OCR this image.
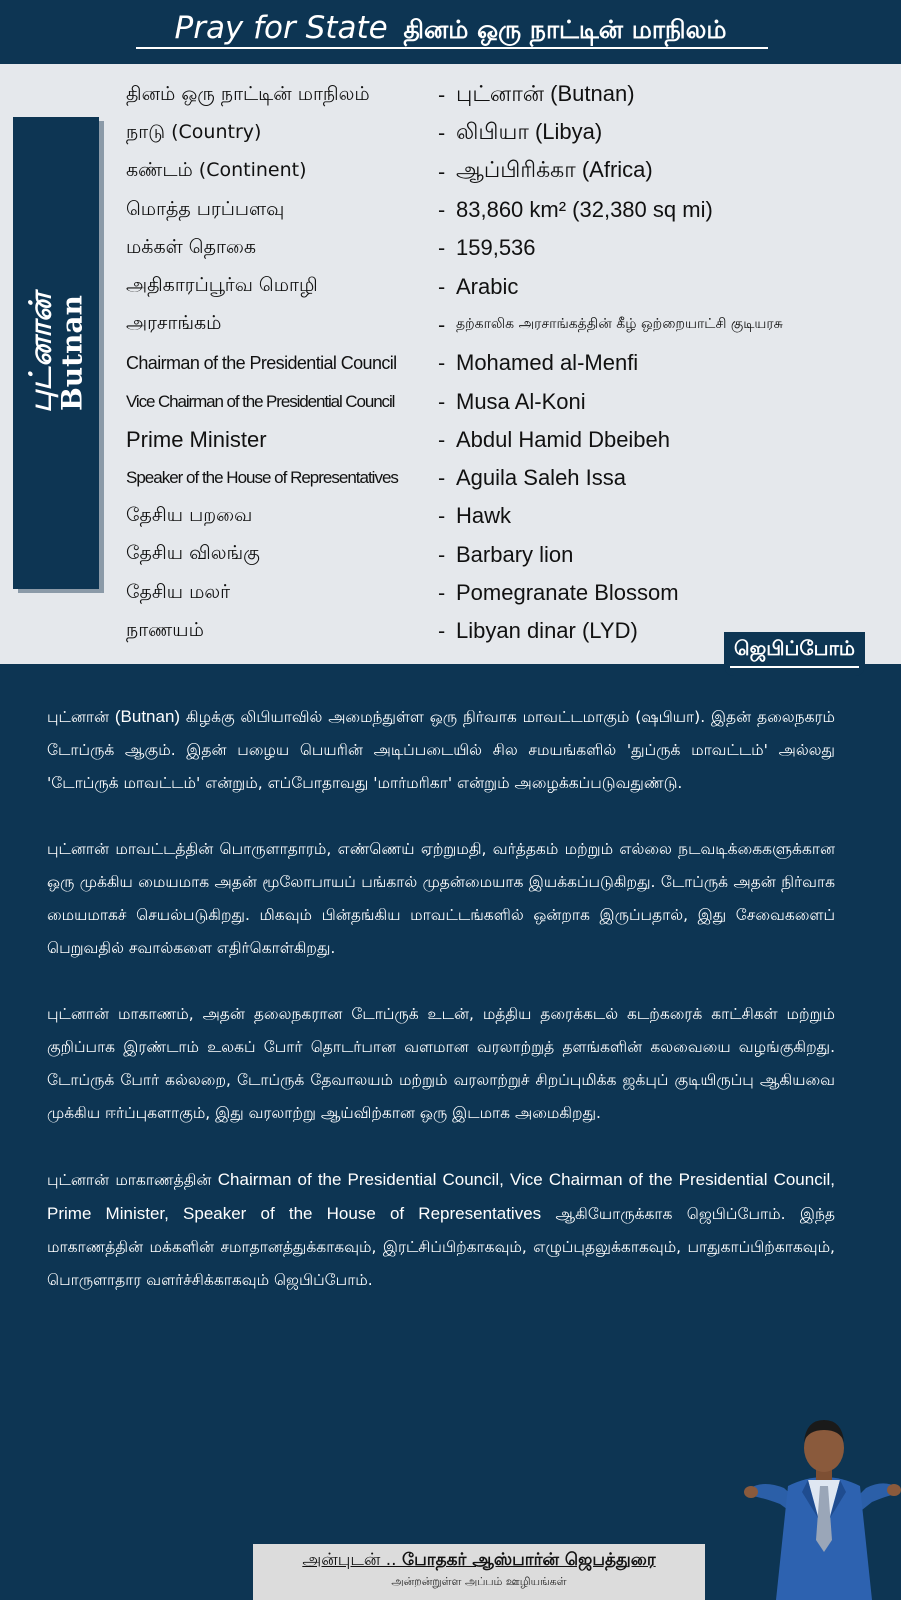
Pray for State தினம் ஒரு நாட்டின் மாநிலம்
புட்னான்
Butnan
தினம் ஒரு நாட்டின் மாநிலம்	- புட்னான் (Butnan)
நாடு (Country)	- லிபியா (Libya)
கண்டம் (Continent)	- ஆப்பிரிக்கா (Africa)
மொத்த பரப்பளவு	- 83,860 km² (32,380 sq mi)
மக்கள் தொகை	- 159,536
அதிகாரப்பூர்வ மொழி	- Arabic
அரசாங்கம்	- தற்காலிக அரசாங்கத்தின் கீழ் ஒற்றையாட்சி குடியரசு
Chairman of the Presidential Council	- Mohamed al-Menfi
Vice Chairman of the Presidential Council	- Musa Al-Koni
Prime Minister	- Abdul Hamid Dbeibeh
Speaker of the House of Representatives	- Aguila Saleh Issa
தேசிய பறவை	- Hawk
தேசிய விலங்கு	- Barbary lion
தேசிய மலர்	- Pomegranate Blossom
நாணயம்	- Libyan dinar (LYD)
ஜெபிப்போம்

புட்னான் (Butnan) கிழக்கு லிபியாவில் அமைந்துள்ள ஒரு நிர்வாக மாவட்டமாகும் (ஷபியா). இதன் தலைநகரம் டோப்ருக் ஆகும். இதன் பழைய பெயரின் அடிப்படையில் சில சமயங்களில் 'துப்ருக் மாவட்டம்' அல்லது 'டோப்ருக் மாவட்டம்' என்றும், எப்போதாவது 'மார்மரிகா' என்றும் அழைக்கப்படுவதுண்டு.

புட்னான் மாவட்டத்தின் பொருளாதாரம், எண்ணெய் ஏற்றுமதி, வர்த்தகம் மற்றும் எல்லை நடவடிக்கைகளுக்கான ஒரு முக்கிய மையமாக அதன் மூலோபாயப் பங்கால் முதன்மையாக இயக்கப்படுகிறது. டோப்ருக் அதன் நிர்வாக மையமாகச் செயல்படுகிறது. மிகவும் பின்தங்கிய மாவட்டங்களில் ஒன்றாக இருப்பதால், இது சேவைகளைப் பெறுவதில் சவால்களை எதிர்கொள்கிறது.

புட்னான் மாகாணம், அதன் தலைநகரான டோப்ருக் உடன், மத்திய தரைக்கடல் கடற்கரைக் காட்சிகள் மற்றும் குறிப்பாக இரண்டாம் உலகப் போர் தொடர்பான வளமான வரலாற்றுத் தளங்களின் கலவையை வழங்குகிறது. டோப்ருக் போர் கல்லறை, டோப்ருக் தேவாலயம் மற்றும் வரலாற்றுச் சிறப்புமிக்க ஜக்புப் குடியிருப்பு ஆகியவை முக்கிய ஈர்ப்புகளாகும், இது வரலாற்று ஆய்விற்கான ஒரு இடமாக அமைகிறது.

புட்னான் மாகாணத்தின் Chairman of the Presidential Council, Vice Chairman of the Presidential Council, Prime Minister, Speaker of the House of Representatives ஆகியோருக்காக ஜெபிப்போம். இந்த மாகாணத்தின் மக்களின் சமாதானத்துக்காகவும், இரட்சிப்பிற்காகவும், எழுப்புதலுக்காகவும், பாதுகாப்பிற்காகவும், பொருளாதார வளர்ச்சிக்காகவும் ஜெபிப்போம்.

அன்புடன் .. போதகர் ஆஸ்பார்ன் ஜெபத்துரை
அன்றன்றுள்ள அப்பம் ஊழியங்கள்
